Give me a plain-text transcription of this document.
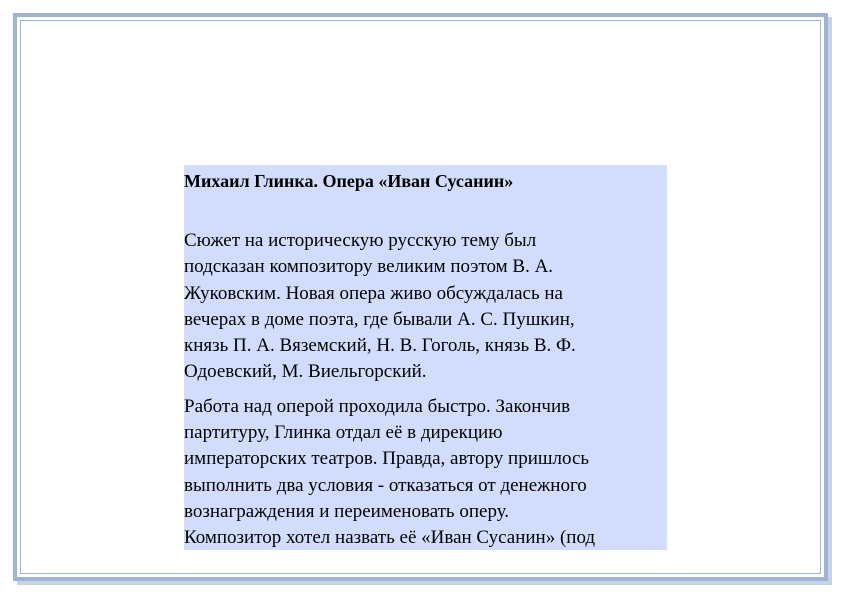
Михаил Глинка. Опера «Иван Сусанин»
Сюжет на историческую русскую тему был
подсказан композитору великим поэтом В. А.
Жуковским. Новая опера живо обсуждалась на
вечерах в доме поэта, где бывали А. С. Пушкин,
князь П. А. Вяземский, Н. В. Гоголь, князь В. Ф.
Одоевский, М. Виельгорский.
Работа над оперой проходила быстро. Закончив
партитуру, Глинка отдал её в дирекцию
императорских театров. Правда, автору пришлось
выполнить два условия - отказаться от денежного
вознаграждения и переименовать оперу.
Композитор хотел назвать её «Иван Сусанин» (под
